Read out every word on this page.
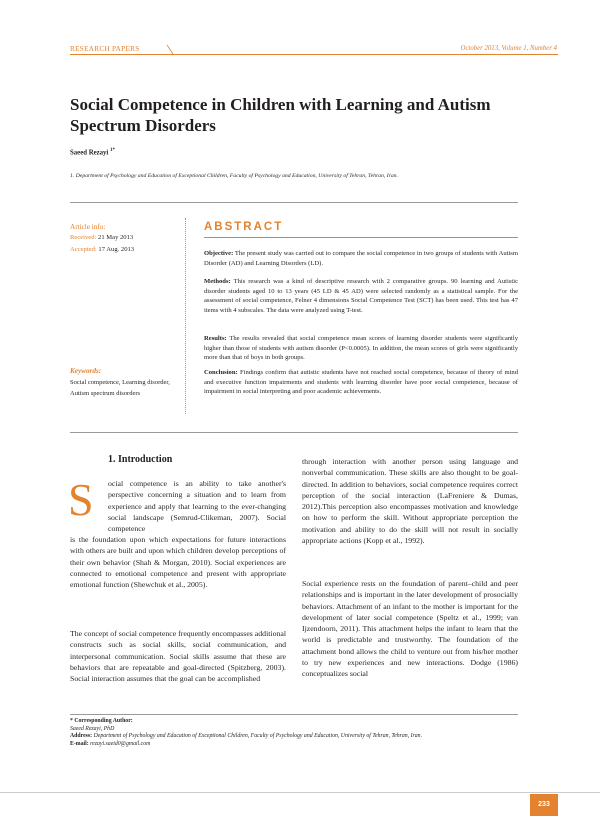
RESEARCH PAPERS	October 2013, Volume 1, Number 4
Social Competence in Children with Learning and Autism Spectrum Disorders
Saeed Rezayi $^{1*}$
1. Department of Psychology and Education of Exceptional Children, Faculty of Psychology and Education, University of Tehran, Tehran, Iran.
Article info:
Received: 21 May 2013
Accepted: 17 Aug. 2013
Keywords:
Social competence, Learning disorder, Autism spectrum disorders
ABSTRACT
Objective: The present study was carried out to compare the social competence in two groups of students with Autism Disorder (AD) and Learning Disorders (LD).
Methods: This research was a kind of descriptive research with 2 comparative groups. 90 learning and Autistic disorder students aged 10 to 13 years (45 LD & 45 AD) were selected randomly as a statistical sample. For the assessment of social competence, Felner 4 dimensions Social Competence Test (SCT) has been used. This test has 47 items with 4 subscales. The data were analyzed using T-test.
Results: The results revealed that social competence mean scores of learning disorder students were significantly higher than those of students with autism disorder (P<0.0005). In addition, the mean scores of girls were significantly more than that of boys in both groups.
Conclusion: Findings confirm that autistic students have not reached social competence, because of theory of mind and executive function impairments and students with learning disorder have poor social competence, because of impairment in social interpreting and poor academic achievements.
1. Introduction
S ocial competence is an ability to take another's perspective concerning a situation and to learn from experience and apply that learning to the ever-changing social landscape (Semrud-Clikeman, 2007). Social competence
is the foundation upon which expectations for future interactions with others are built and upon which children develop perceptions of their own behavior (Shah & Morgan, 2010). Social experiences are connected to emotional competence and present with appropriate emotional function (Shewchuk et al., 2005).
The concept of social competence frequently encompasses additional constructs such as social skills, social communication, and interpersonal communication. Social skills assume that these are behaviors that are repeatable and goal-directed (Spitzberg, 2003). Social interaction assumes that the goal can be accomplished
through interaction with another person using language and nonverbal communication. These skills are also thought to be goal-directed. In addition to behaviors, social competence requires correct perception of the social interaction (LaFreniere & Dumas, 2012).This perception also encompasses motivation and knowledge on how to perform the skill. Without appropriate perception the motivation and ability to do the skill will not result in socially appropriate actions (Kopp et al., 1992).
Social experience rests on the foundation of parent–child and peer relationships and is important in the later development of prosocially behaviors. Attachment of an infant to the mother is important for the development of later social competence (Speltz et al., 1999; van Ijzendoorn, 2011). This attachment helps the infant to learn that the world is predictable and trustworthy. The foundation of the attachment bond allows the child to venture out from his/her mother to try new experiences and new interactions. Dodge (1986) conceptualizes social
* Corresponding Author:
Saeed Rezayi, PhD
Address: Department of Psychology and Education of Exceptional Children, Faculty of Psychology and Education, University of Tehran, Tehran, Iran.
E-mail: rezayi.saeid0@gmail.com
233
